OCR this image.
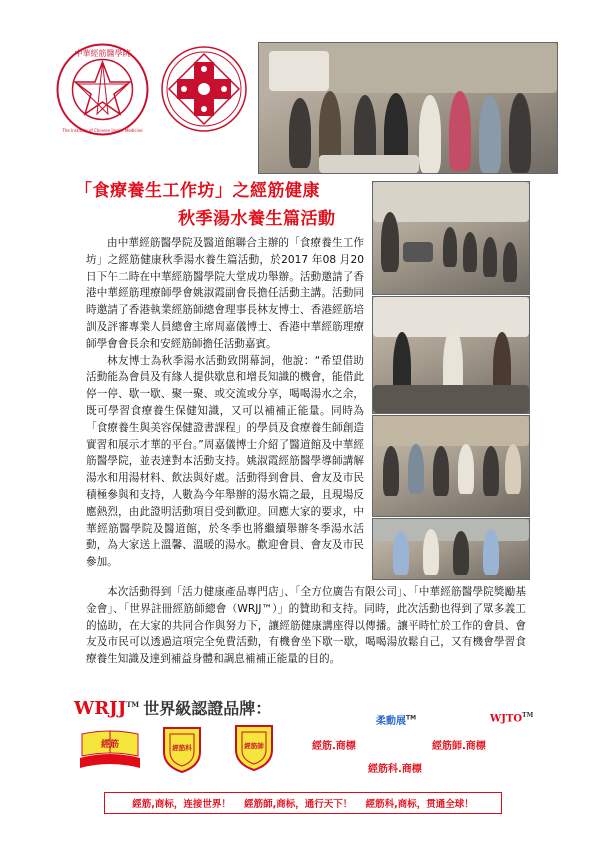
中華經筋醫學院
The Institute of Chinese Jingjin Medicine
「食療養生工作坊」之經筋健康
秋季湯水養生篇活動

由中華經筋醫學院及醫道館聯合主辦的「食療養生工作坊」之經筋健康秋季湯水養生篇活動，於2017 年08 月20 日下午二時在中華經筋醫學院大堂成功舉辦。活動邀請了香港中華經筋理療師學會姚淑霞副會長擔任活動主講。活動同時邀請了香港執業經筋師總會理事長林友博士、香港經筋培訓及評審專業人員總會主席周嘉儀博士、香港中華經筋理療師學會會長余和安經筋師擔任活動嘉賓。

林友博士為秋季湯水活動致開幕詞，他說：“希望借助活動能為會員及有緣人提供歇息和增長知識的機會，能借此停一停、歇一歇、聚一聚、或交流或分享，喝喝湯水之余，既可學習食療養生保健知識，又可以補補正能量。同時為「食療養生與美容保健證書課程」的學員及食療養生師創造實習和展示才華的平台。”周嘉儀博士介紹了醫道館及中華經筋醫學院，並表達對本活動支持。姚淑霞經筋醫學導師講解湯水和用湯材料、飲法與好處。活動得到會員、會友及市民積極參與和支持，人數為今年舉辦的湯水篇之最，且現場反應熱烈，由此證明活動項目受到歡迎。回應大家的要求，中華經筋醫學院及醫道館，於冬季也將繼續舉辦冬季湯水活動，為大家送上溫馨、溫暖的湯水。歡迎會員、會友及市民參加。

本次活動得到「活力健康產品專門店」、「全方位廣告有限公司」、「中華經筋醫學院獎勵基金會」、「世界註冊經筋師總會（WRJJ™）」的贊助和支持。同時，此次活動也得到了眾多義工的協助，在大家的共同合作與努力下，讓經筋健康講座得以傳播。讓平時忙於工作的會員、會友及市民可以透過這項完全免費活動，有機會坐下歇一歇，喝喝湯放鬆自己，又有機會學習食療養生知識及達到補益身體和調息補補正能量的目的。

WRJJ™ 世界級認證品牌：
經筋	經筋科	經筋師
柔動展™	WJTO™
經筋.商標	經筋師.商標
經筋科.商標
經筋,商标，连接世界！ 經筋師,商标，通行天下！ 經筋科,商标，贯通全球！
